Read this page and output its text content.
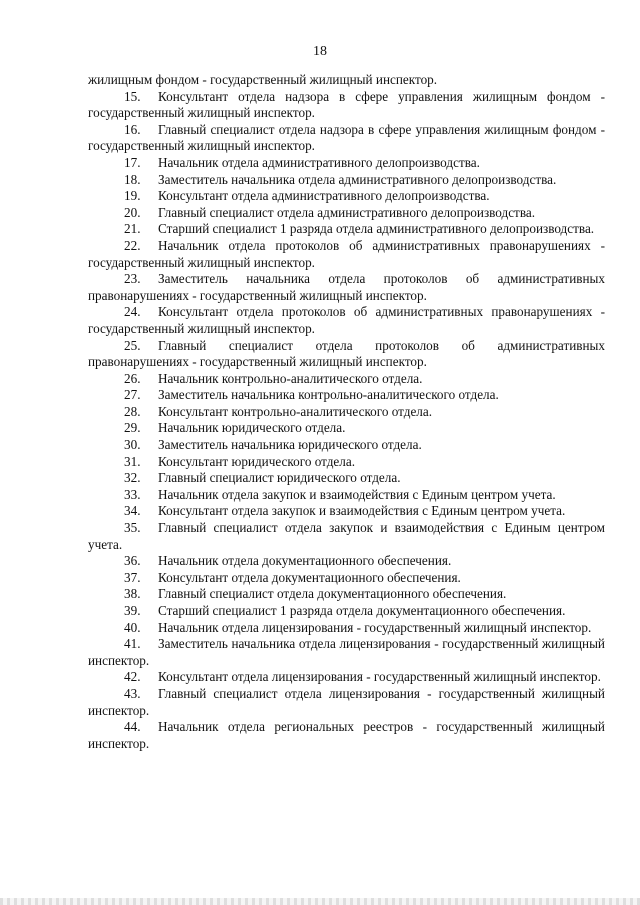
18
жилищным фондом - государственный жилищный инспектор.
15. Консультант отдела надзора в сфере управления жилищным фондом - государственный жилищный инспектор.
16. Главный специалист отдела надзора в сфере управления жилищным фондом - государственный жилищный инспектор.
17. Начальник отдела административного делопроизводства.
18. Заместитель начальника отдела административного делопроизводства.
19. Консультант отдела административного делопроизводства.
20. Главный специалист отдела административного делопроизводства.
21. Старший специалист 1 разряда отдела административного делопроизводства.
22. Начальник отдела протоколов об административных правонарушениях - государственный жилищный инспектор.
23. Заместитель начальника отдела протоколов об административных правонарушениях - государственный жилищный инспектор.
24. Консультант отдела протоколов об административных правонарушениях - государственный жилищный инспектор.
25. Главный специалист отдела протоколов об административных правонарушениях - государственный жилищный инспектор.
26. Начальник контрольно-аналитического отдела.
27. Заместитель начальника контрольно-аналитического отдела.
28. Консультант контрольно-аналитического отдела.
29. Начальник юридического отдела.
30. Заместитель начальника юридического отдела.
31. Консультант юридического отдела.
32. Главный специалист юридического отдела.
33. Начальник отдела закупок и взаимодействия с Единым центром учета.
34. Консультант отдела закупок и взаимодействия с Единым центром учета.
35. Главный специалист отдела закупок и взаимодействия с Единым центром учета.
36. Начальник отдела документационного обеспечения.
37. Консультант отдела документационного обеспечения.
38. Главный специалист отдела документационного обеспечения.
39. Старший специалист 1 разряда отдела документационного обеспечения.
40. Начальник отдела лицензирования - государственный жилищный инспектор.
41. Заместитель начальника отдела лицензирования - государственный жилищный инспектор.
42. Консультант отдела лицензирования - государственный жилищный инспектор.
43. Главный специалист отдела лицензирования - государственный жилищный инспектор.
44. Начальник отдела региональных реестров - государственный жилищный инспектор.
